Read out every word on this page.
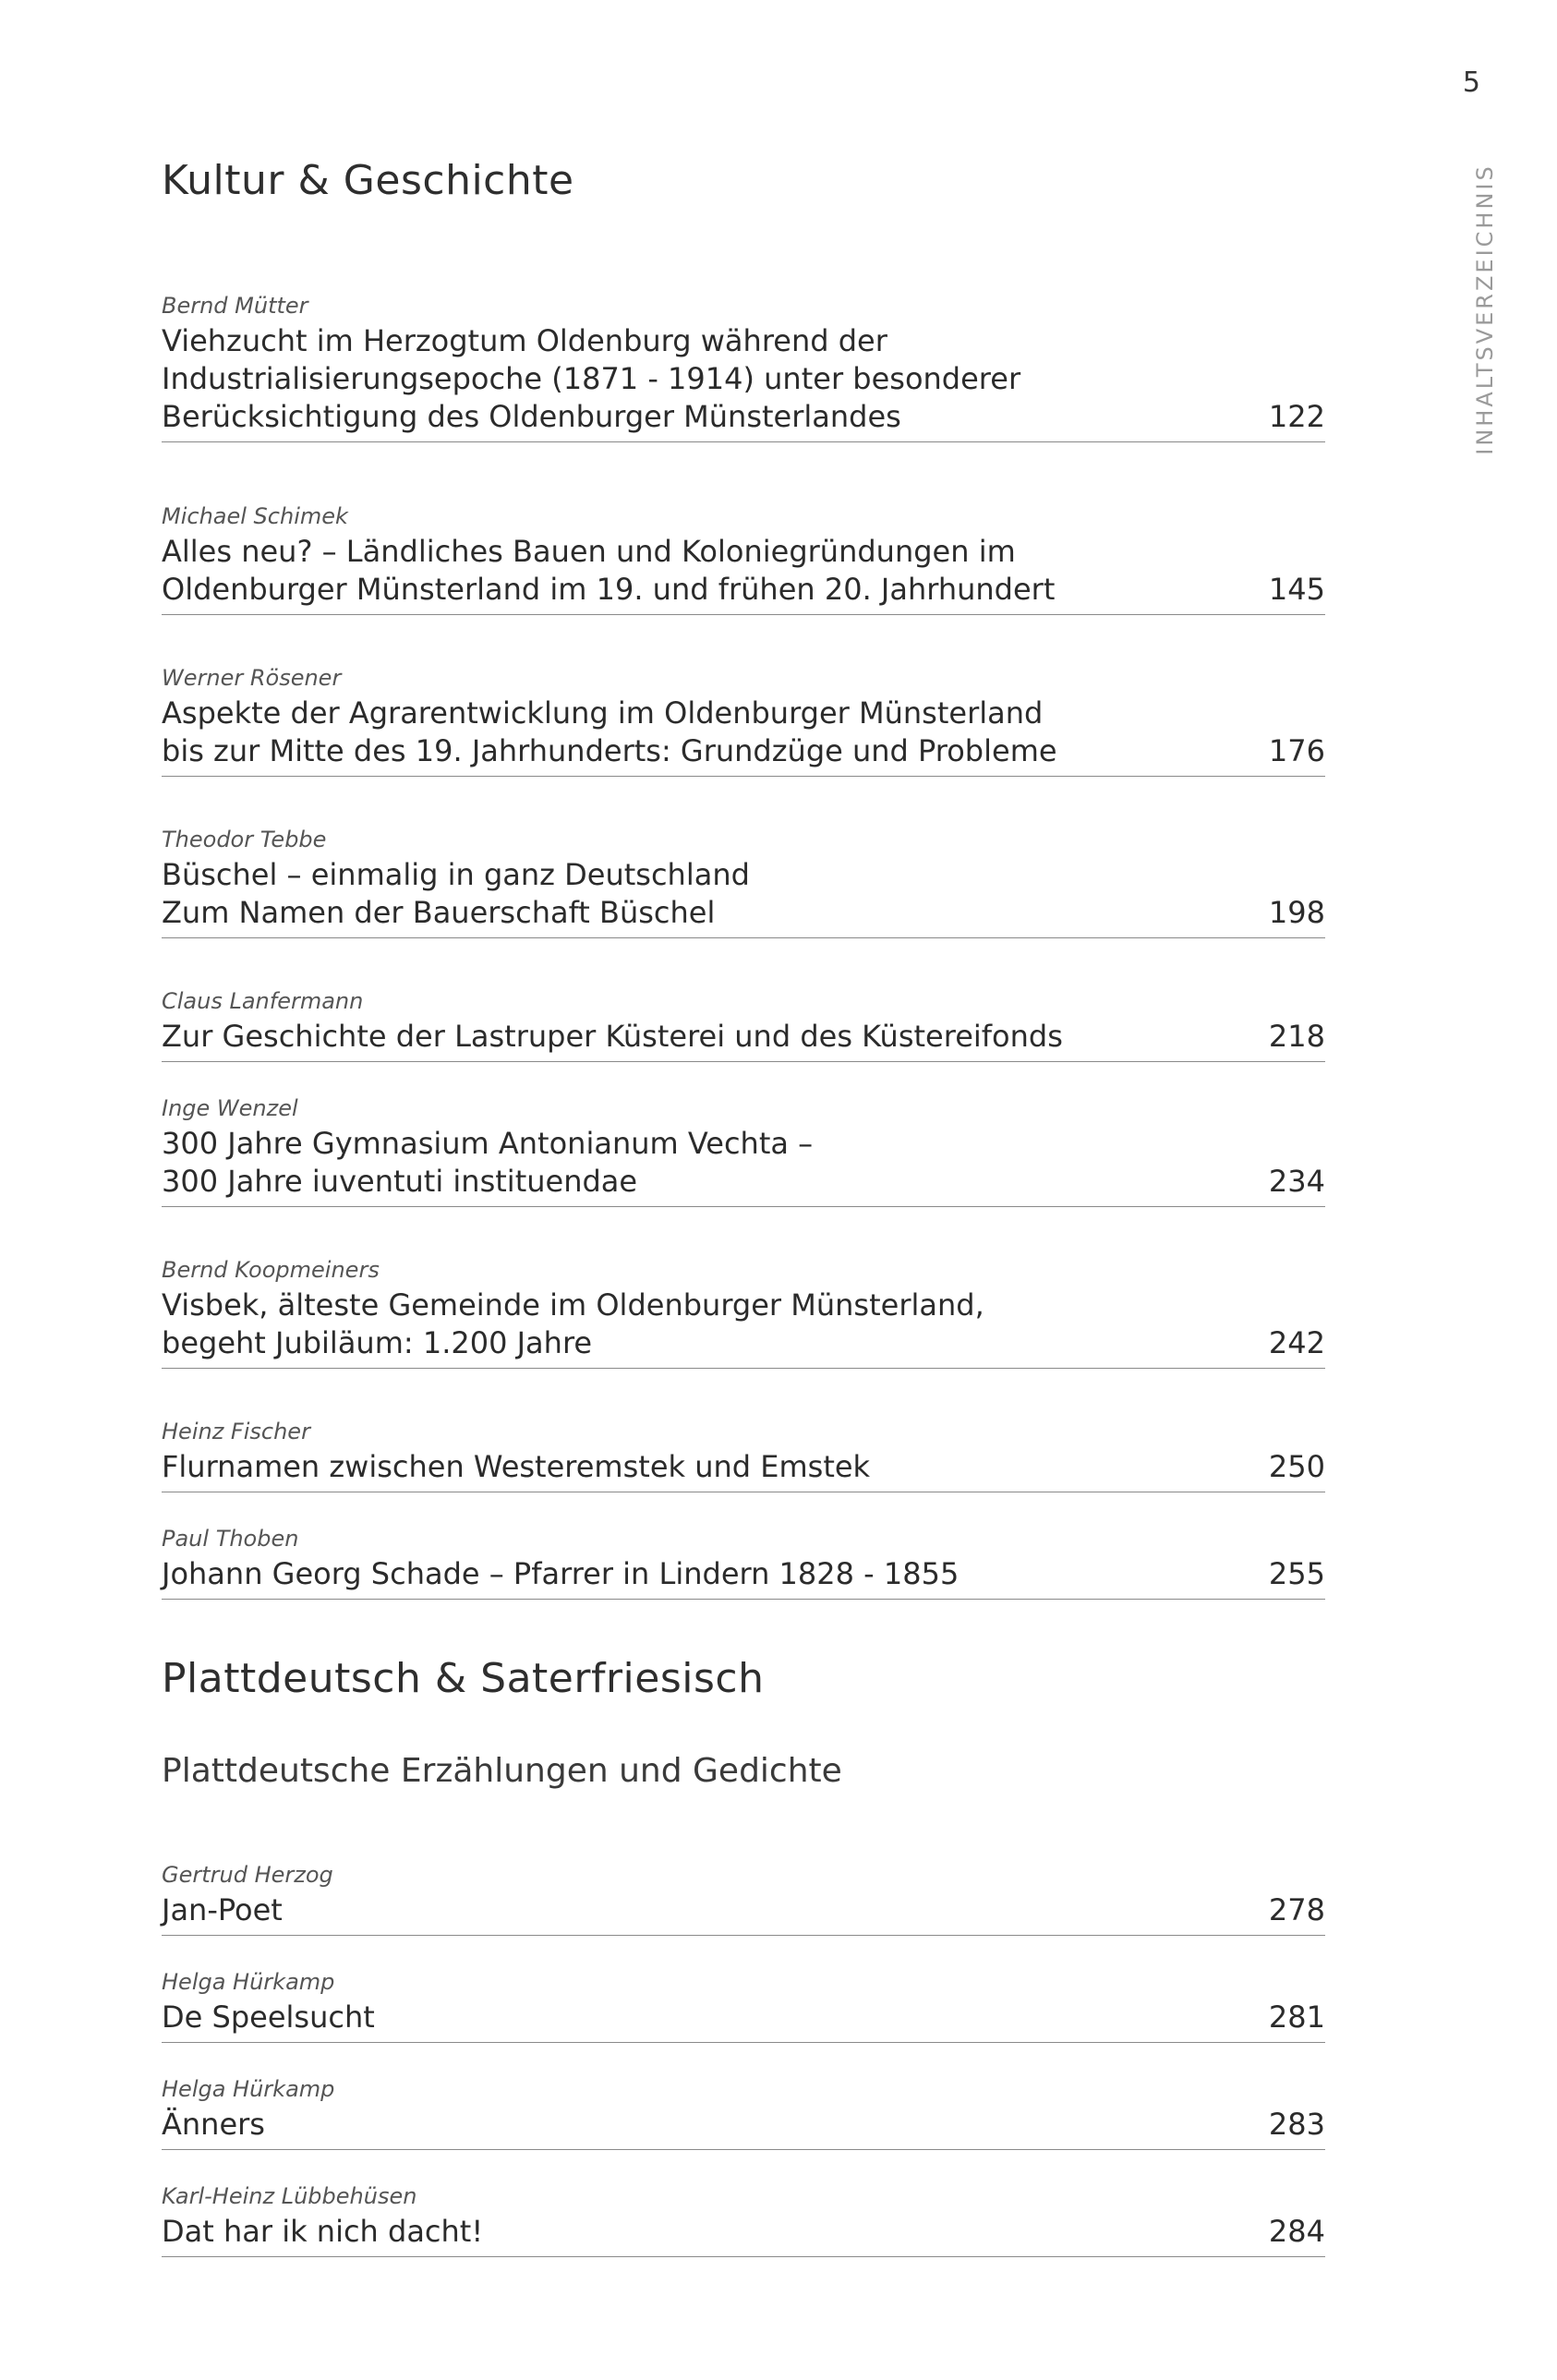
5
INHALTSVERZEICHNIS
Kultur & Geschichte
Bernd Mütter
Viehzucht im Herzogtum Oldenburg während der
Industrialisierungsepoche (1871 - 1914) unter besonderer
Berücksichtigung des Oldenburger Münsterlandes	122
Michael Schimek
Alles neu? – Ländliches Bauen und Koloniegründungen im
Oldenburger Münsterland im 19. und frühen 20. Jahrhundert	145
Werner Rösener
Aspekte der Agrarentwicklung im Oldenburger Münsterland
bis zur Mitte des 19. Jahrhunderts: Grundzüge und Probleme	176
Theodor Tebbe
Büschel – einmalig in ganz Deutschland
Zum Namen der Bauerschaft Büschel	198
Claus Lanfermann
Zur Geschichte der Lastruper Küsterei und des Küstereifonds	218
Inge Wenzel
300 Jahre Gymnasium Antonianum Vechta –
300 Jahre iuventuti instituendae	234
Bernd Koopmeiners
Visbek, älteste Gemeinde im Oldenburger Münsterland,
begeht Jubiläum: 1.200 Jahre	242
Heinz Fischer
Flurnamen zwischen Westeremstek und Emstek	250
Paul Thoben
Johann Georg Schade – Pfarrer in Lindern 1828 - 1855	255
Plattdeutsch & Saterfriesisch
Plattdeutsche Erzählungen und Gedichte
Gertrud Herzog
Jan-Poet	278
Helga Hürkamp
De Speelsucht	281
Helga Hürkamp
Änners	283
Karl-Heinz Lübbehüsen
Dat har ik nich dacht!	284
